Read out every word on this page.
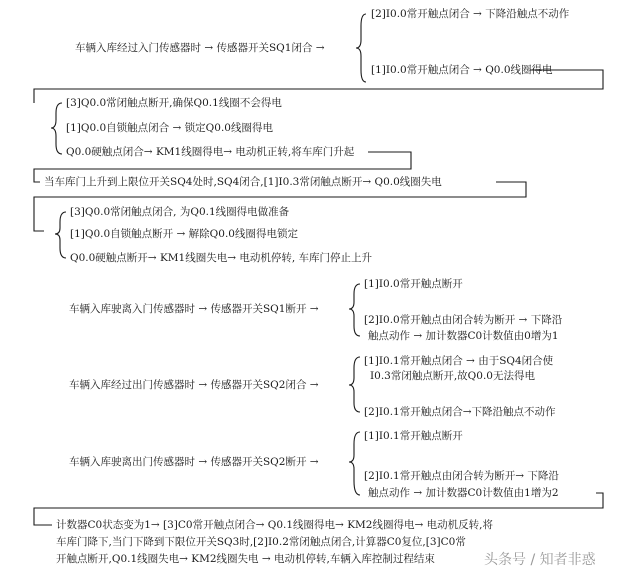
车辆入库经过入门传感器时 → 传感器开关SQ1闭合 →
[2]I0.0常开触点闭合 → 下降沿触点不动作
[1]I0.0常开触点闭合 → Q0.0线圈得电
[3]Q0.0常闭触点断开,确保Q0.1线圈不会得电
[1]Q0.0自锁触点闭合 → 锁定Q0.0线圈得电
Q0.0硬触点闭合→ KM1线圈得电→ 电动机正转,将车库门升起
当车库门上升到上限位开关SQ4处时,SQ4闭合,[1]I0.3常闭触点断开→ Q0.0线圈失电
[3]Q0.0常闭触点闭合, 为Q0.1线圈得电做准备
[1]Q0.0自锁触点断开 → 解除Q0.0线圈得电锁定
Q0.0硬触点断开→ KM1线圈失电→ 电动机停转, 车库门停止上升
车辆入库驶离入门传感器时 → 传感器开关SQ1断开 →
[1]I0.0常开触点断开
[2]I0.0常开触点由闭合转为断开 → 下降沿
触点动作 → 加计数器C0计数值由0增为1
车辆入库经过出门传感器时 → 传感器开关SQ2闭合 →
[1]I0.1常开触点闭合 → 由于SQ4闭合使
I0.3常闭触点断开,故Q0.0无法得电
[2]I0.1常开触点闭合→下降沿触点不动作
车辆入库驶离出门传感器时 → 传感器开关SQ2断开 →
[1]I0.1常开触点断开
[2]I0.1常开触点由闭合转为断开→ 下降沿
触点动作 → 加计数器C0计数值由1增为2
计数器C0状态变为1→ [3]C0常开触点闭合→ Q0.1线圈得电→ KM2线圈得电→ 电动机反转,将
车库门降下,当门下降到下限位开关SQ3时,[2]I0.2常闭触点闭合,计算器C0复位,[3]C0常
开触点断开,Q0.1线圈失电→ KM2线圈失电 → 电动机停转,车辆入库控制过程结束	头条号 / 知者非惑
